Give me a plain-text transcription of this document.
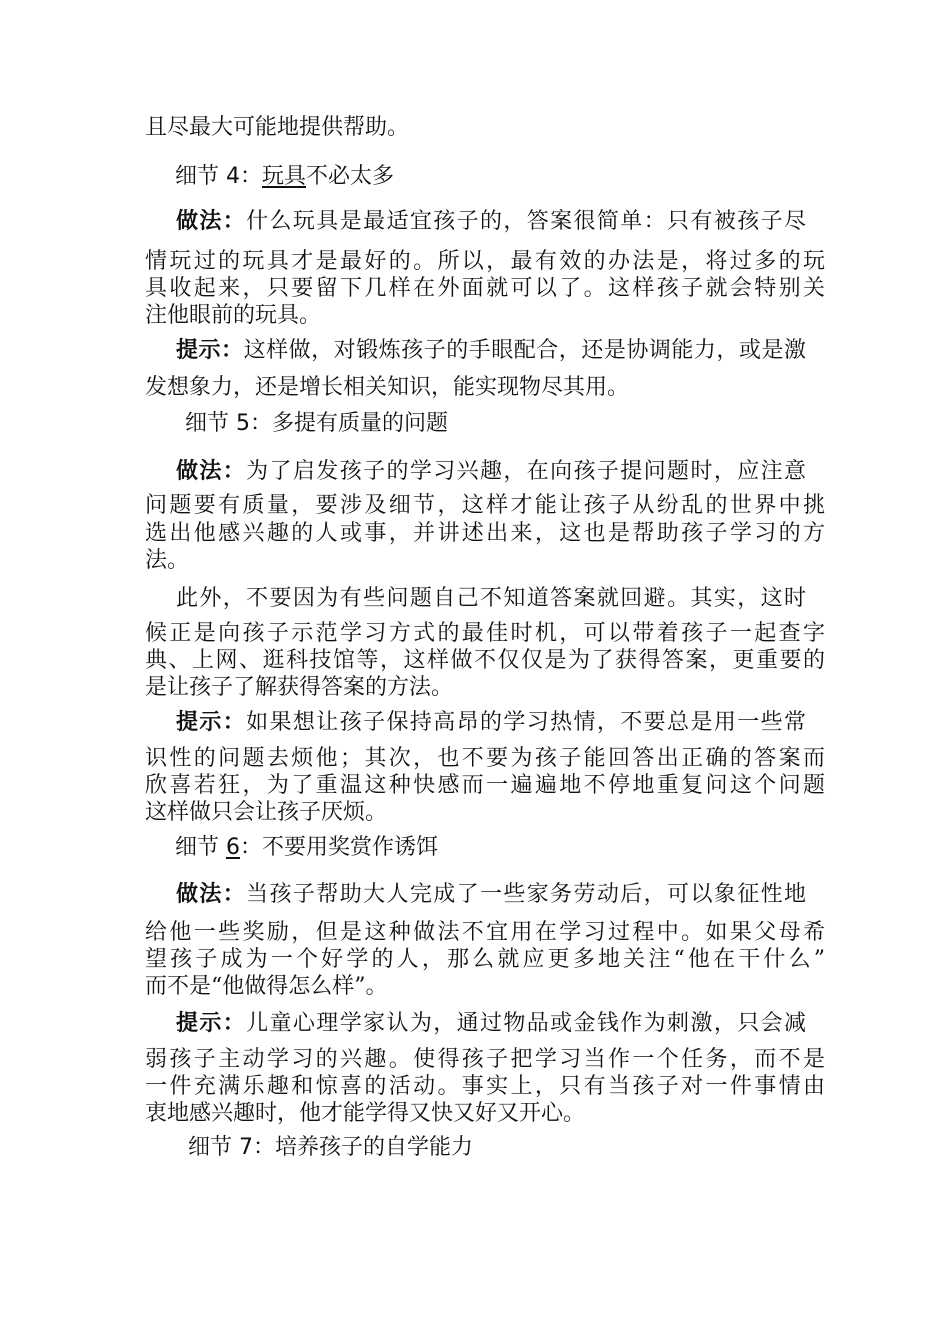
且尽最大可能地提供帮助。
细节 4：玩具不必太多
做法：什么玩具是最适宜孩子的，答案很简单：只有被孩子尽
情玩过的玩具才是最好的。所以，最有效的办法是，将过多的玩
具收起来，只要留下几样在外面就可以了。这样孩子就会特别关
注他眼前的玩具。
提示：这样做，对锻炼孩子的手眼配合，还是协调能力，或是激
发想象力，还是增长相关知识，能实现物尽其用。
细节 5：多提有质量的问题
做法：为了启发孩子的学习兴趣，在向孩子提问题时，应注意
问题要有质量，要涉及细节，这样才能让孩子从纷乱的世界中挑
选出他感兴趣的人或事，并讲述出来，这也是帮助孩子学习的方
法。
此外，不要因为有些问题自己不知道答案就回避。其实，这时
候正是向孩子示范学习方式的最佳时机，可以带着孩子一起查字
典、上网、逛科技馆等，这样做不仅仅是为了获得答案，更重要的
是让孩子了解获得答案的方法。
提示：如果想让孩子保持高昂的学习热情，不要总是用一些常
识性的问题去烦他；其次，也不要为孩子能回答出正确的答案而
欣喜若狂，为了重温这种快感而一遍遍地不停地重复问这个问题
这样做只会让孩子厌烦。
细节 6：不要用奖赏作诱饵
做法：当孩子帮助大人完成了一些家务劳动后，可以象征性地
给他一些奖励，但是这种做法不宜用在学习过程中。如果父母希
望孩子成为一个好学的人，那么就应更多地关注“他在干什么”
而不是“他做得怎么样”。
提示：儿童心理学家认为，通过物品或金钱作为刺激，只会减
弱孩子主动学习的兴趣。使得孩子把学习当作一个任务，而不是
一件充满乐趣和惊喜的活动。事实上，只有当孩子对一件事情由
衷地感兴趣时，他才能学得又快又好又开心。
细节 7：培养孩子的自学能力
